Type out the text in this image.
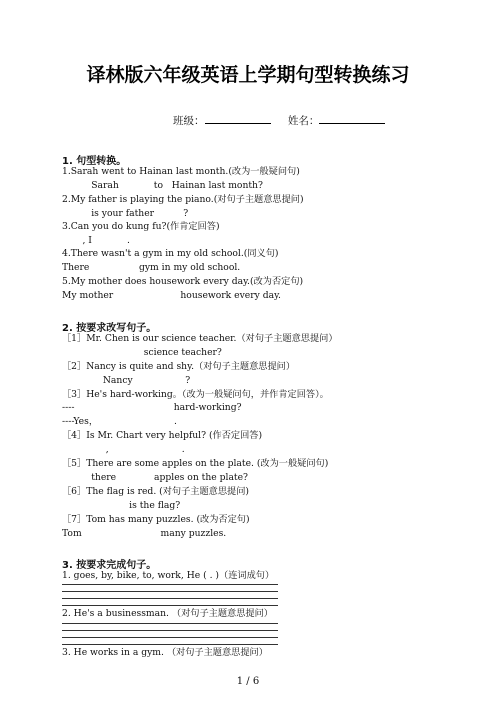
译林版六年级英语上学期句型转换练习
班级：	姓名：
1. 句型转换。
1.Sarah went to Hainan last month.(改为一般疑问句)
Sarah            to   Hainan last month?
2.My father is playing the piano.(对句子主题意思提问)
is your father          ?
3.Can you do kung fu?(作肯定回答)
, I            .
4.There wasn't a gym in my old school.(同义句)
There                 gym in my old school.
5.My mother does housework every day.(改为否定句)
My mother                       housework every day.
2. 按要求改写句子。
［1］Mr. Chen is our science teacher.（对句子主题意思提问）
science teacher?
［2］Nancy is quite and shy.（对句子主题意思提问）
Nancy                  ?
［3］He's hard-working。（改为一般疑问句，并作肯定回答）。
----                                  hard-working?
----Yes，                          .
［4］Is Mr. Chart very helpful? (作否定回答)
,                         .
［5］There are some apples on the plate. (改为一般疑问句)
there             apples on the plate?
［6］The flag is red. (对句子主题意思提问)
is the flag?
［7］Tom has many puzzles. (改为否定句)
Tom                           many puzzles.
3. 按要求完成句子。
1. goes, by, bike, to, work, He ( . )（连词成句）
2. He's a businessman. （对句子主题意思提问）
3. He works in a gym. （对句子主题意思提问）
1 / 6
